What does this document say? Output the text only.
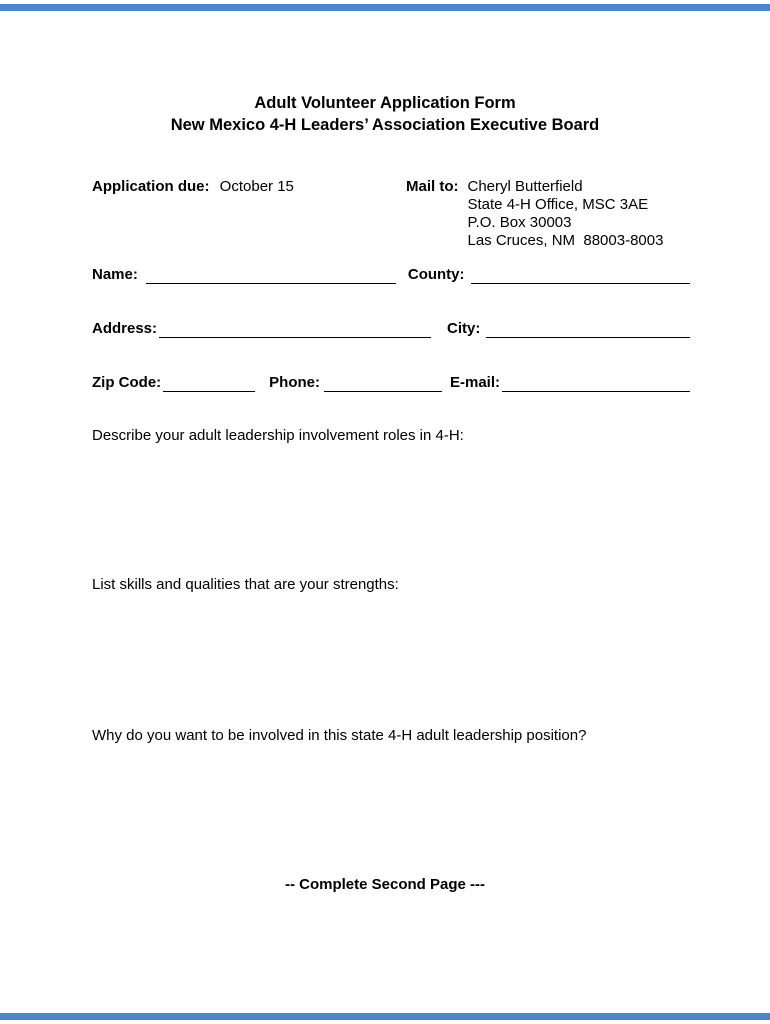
Adult Volunteer Application Form
New Mexico 4-H Leaders’ Association Executive Board
Application due: October 15	Mail to: Cheryl Butterfield
State 4-H Office, MSC 3AE
P.O. Box 30003
Las Cruces, NM  88003-8003
Name:	County:
Address:	City:
Zip Code:	Phone:	E-mail:
Describe your adult leadership involvement roles in 4-H:
List skills and qualities that are your strengths:
Why do you want to be involved in this state 4-H adult leadership position?
-- Complete Second Page ---
